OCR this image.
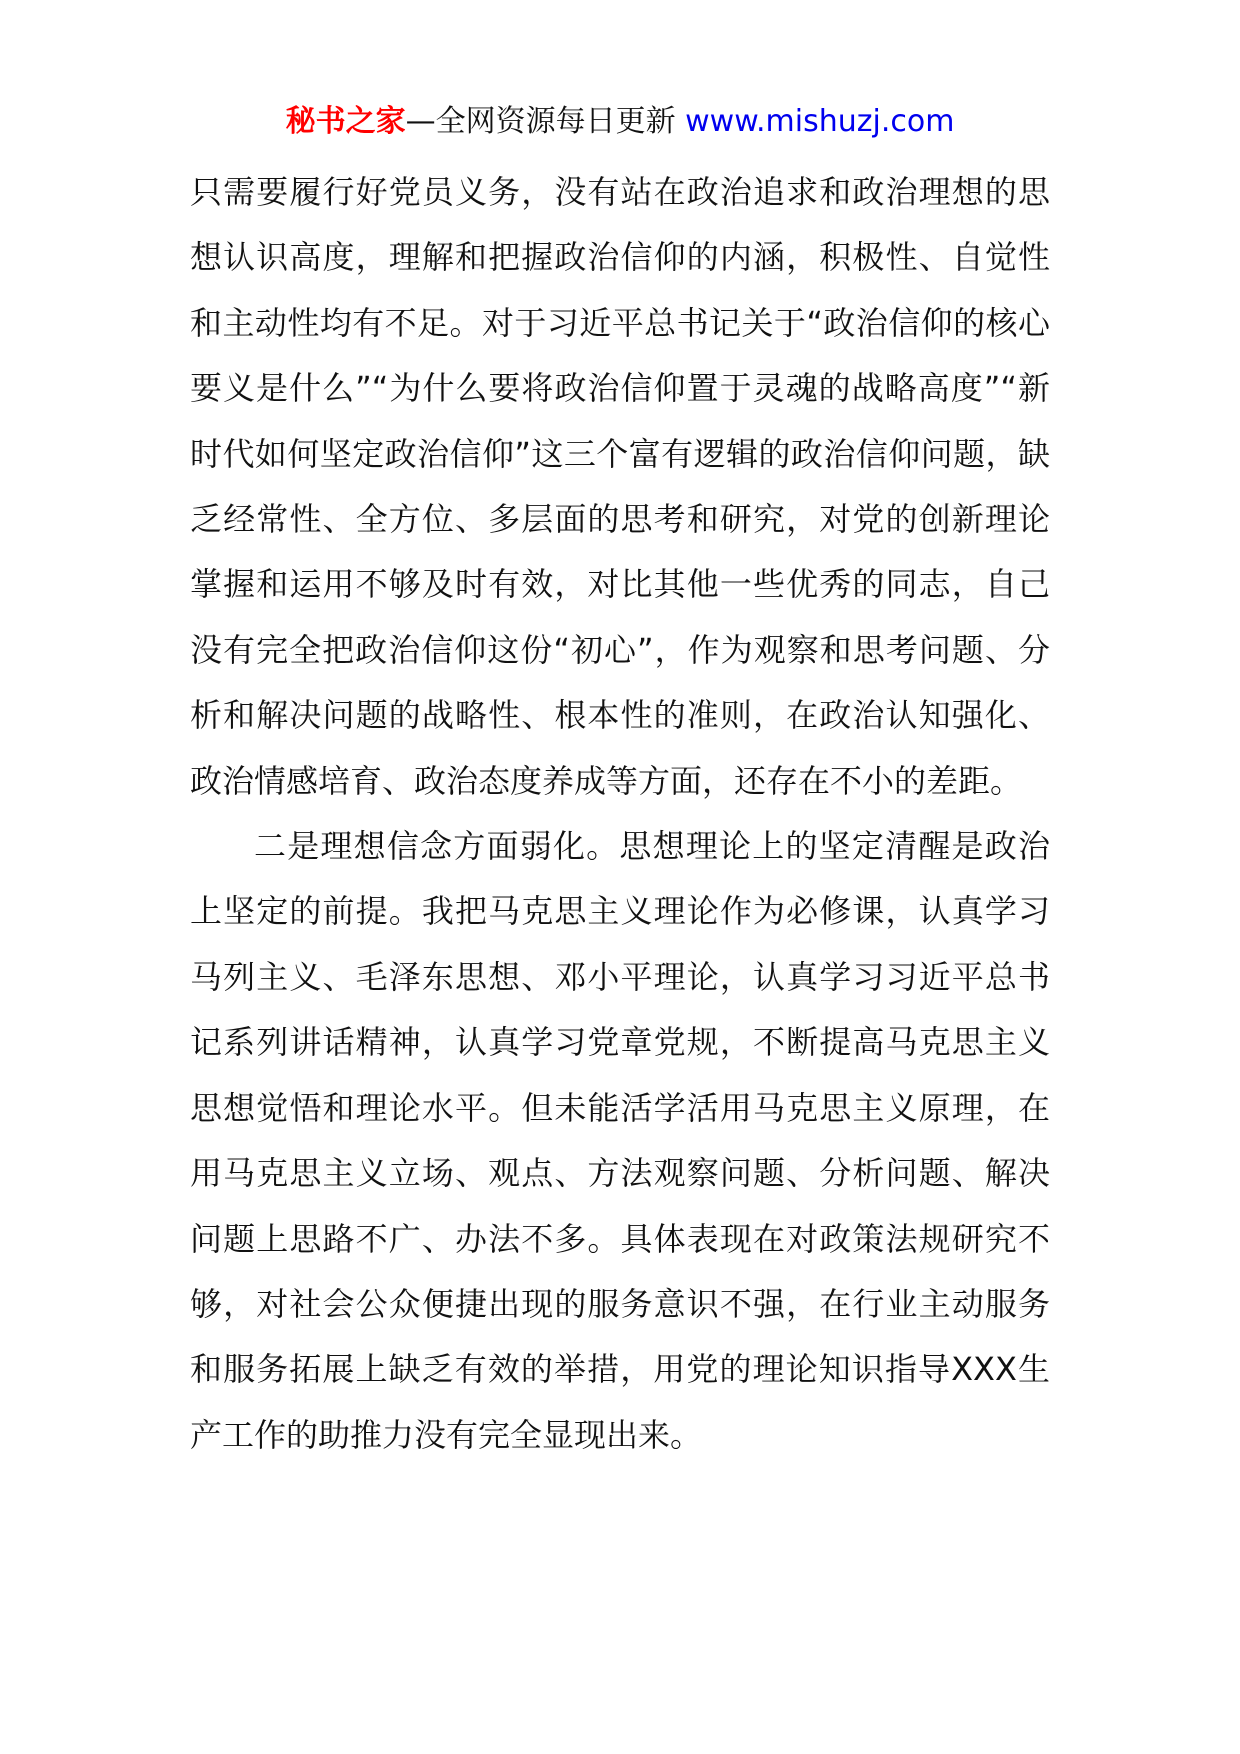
秘书之家—全网资源每日更新 www.mishuzj.com

只需要履行好党员义务，没有站在政治追求和政治理想的思想认识高度，理解和把握政治信仰的内涵，积极性、自觉性和主动性均有不足。对于习近平总书记关于“政治信仰的核心要义是什么”“为什么要将政治信仰置于灵魂的战略高度”“新时代如何坚定政治信仰”这三个富有逻辑的政治信仰问题，缺乏经常性、全方位、多层面的思考和研究，对党的创新理论掌握和运用不够及时有效，对比其他一些优秀的同志，自己没有完全把政治信仰这份“初心”，作为观察和思考问题、分析和解决问题的战略性、根本性的准则，在政治认知强化、政治情感培育、政治态度养成等方面，还存在不小的差距。

二是理想信念方面弱化。思想理论上的坚定清醒是政治上坚定的前提。我把马克思主义理论作为必修课，认真学习马列主义、毛泽东思想、邓小平理论，认真学习习近平总书记系列讲话精神，认真学习党章党规，不断提高马克思主义思想觉悟和理论水平。但未能活学活用马克思主义原理，在用马克思主义立场、观点、方法观察问题、分析问题、解决问题上思路不广、办法不多。具体表现在对政策法规研究不够，对社会公众便捷出现的服务意识不强，在行业主动服务和服务拓展上缺乏有效的举措，用党的理论知识指导XXX生产工作的助推力没有完全显现出来。
